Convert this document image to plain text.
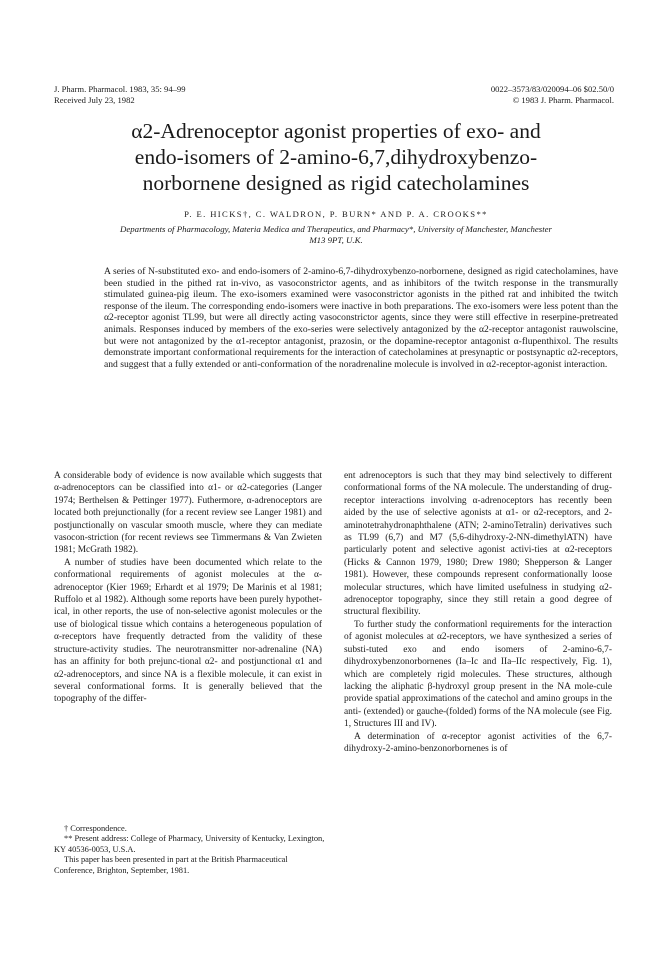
J. Pharm. Pharmacol. 1983, 35: 94–99
Received July 23, 1982
0022–3573/83/020094–06 $02.50/0
© 1983 J. Pharm. Pharmacol.
α2-Adrenoceptor agonist properties of exo- and
endo-isomers of 2-amino-6,7,dihydroxybenzo-
norbornene designed as rigid catecholamines
P. E. HICKS†, C. WALDRON, P. BURN* AND P. A. CROOKS**
Departments of Pharmacology, Materia Medica and Therapeutics, and Pharmacy*, University of Manchester, Manchester
M13 9PT, U.K.
A series of N-substituted exo- and endo-isomers of 2-amino-6,7-dihydroxybenzo-norbornene, designed as rigid catecholamines, have been studied in the pithed rat in-vivo, as vasoconstrictor agents, and as inhibitors of the twitch response in the transmurally stimulated guinea-pig ileum. The exo-isomers examined were vasoconstrictor agonists in the pithed rat and inhibited the twitch response of the ileum. The corresponding endo-isomers were inactive in both preparations. The exo-isomers were less potent than the α2-receptor agonist TL99, but were all directly acting vasoconstrictor agents, since they were still effective in reserpine-pretreated animals. Responses induced by members of the exo-series were selectively antagonized by the α2-receptor antagonist rauwolscine, but were not antagonized by the α1-receptor antagonist, prazosin, or the dopamine-receptor antagonist α-flupenthixol. The results demonstrate important conformational requirements for the interaction of catecholamines at presynaptic or postsynaptic α2-receptors, and suggest that a fully extended or anti-conformation of the noradrenaline molecule is involved in α2-receptor-agonist interaction.

A considerable body of evidence is now available which suggests that α-adrenoceptors can be classified into α1- or α2-categories (Langer 1974; Berthelsen & Pettinger 1977). Futhermore, α-adrenoceptors are located both prejunctionally (for a recent review see Langer 1981) and postjunctionally on vascular smooth muscle, where they can mediate vasocon-striction (for recent reviews see Timmermans & Van Zwieten 1981; McGrath 1982).

A number of studies have been documented which relate to the conformational requirements of agonist molecules at the α-adrenoceptor (Kier 1969; Erhardt et al 1979; De Marinis et al 1981; Ruffolo et al 1982). Although some reports have been purely hypothet-ical, in other reports, the use of non-selective agonist molecules or the use of biological tissue which contains a heterogeneous population of α-receptors have frequently detracted from the validity of these structure-activity studies. The neurotransmitter nor-adrenaline (NA) has an affinity for both prejunc-tional α2- and postjunctional α1 and α2-adrenoceptors, and since NA is a flexible molecule, it can exist in several conformational forms. It is generally believed that the topography of the differ-

ent adrenoceptors is such that they may bind selectively to different conformational forms of the NA molecule. The understanding of drug-receptor interactions involving α-adrenoceptors has recently been aided by the use of selective agonists at α1- or α2-receptors, and 2-aminotetrahydronaphthalene (ATN; 2-aminoTetralin) derivatives such as TL99 (6,7) and M7 (5,6-dihydroxy-2-NN-dimethylATN) have particularly potent and selective agonist activi-ties at α2-receptors (Hicks & Cannon 1979, 1980; Drew 1980; Shepperson & Langer 1981). However, these compounds represent conformationally loose molecular structures, which have limited usefulness in studying α2-adrenoceptor topography, since they still retain a good degree of structural flexibility.

To further study the conformationl requirements for the interaction of agonist molecules at α2-receptors, we have synthesized a series of substi-tuted exo and endo isomers of 2-amino-6,7-dihydroxybenzonorbornenes (Ia–Ic and IIa–IIc respectively, Fig. 1), which are completely rigid molecules. These structures, although lacking the aliphatic β-hydroxyl group present in the NA mole-cule provide spatial approximations of the catechol and amino groups in the anti- (extended) or gauche-(folded) forms of the NA molecule (see Fig. 1, Structures III and IV).

A determination of α-receptor agonist activities of the 6,7-dihydroxy-2-amino-benzonorbornenes is of

† Correspondence.
** Present address: College of Pharmacy, University of Kentucky, Lexington, KY 40536-0053, U.S.A.
This paper has been presented in part at the British Pharmaceutical Conference, Brighton, September, 1981.
